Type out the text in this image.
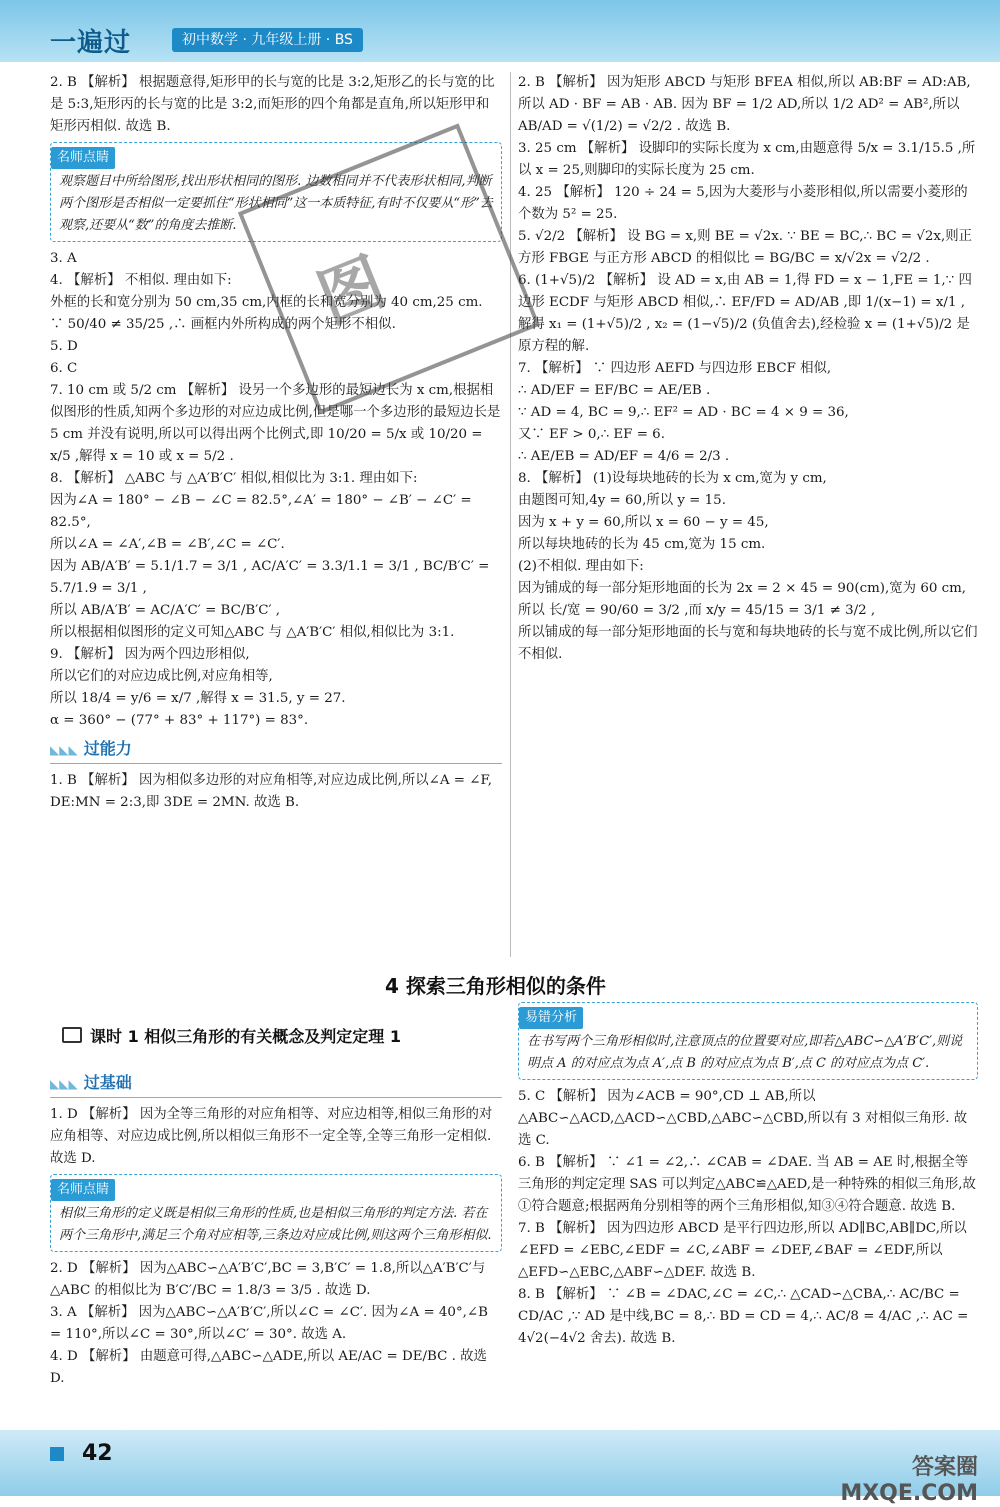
一遍过	初中数学 · 九年级上册 · BS

2. B 【解析】 根据题意得,矩形甲的长与宽的比是 3:2,矩形乙的长与宽的比是 5:3,矩形丙的长与宽的比是 3:2,而矩形的四个角都是直角,所以矩形甲和矩形丙相似. 故选 B.

名师点睛
观察题目中所给图形,找出形状相同的图形. 边数相同并不代表形状相同,判断两个图形是否相似一定要抓住“形状相同”这一本质特征,有时不仅要从“形”去观察,还要从“数”的角度去推断.

3. A

4. 【解析】 不相似. 理由如下:

外框的长和宽分别为 50 cm,35 cm,内框的长和宽分别为 40 cm,25 cm.

∵ 50/40 ≠ 35/25 ,∴ 画框内外所构成的两个矩形不相似.

5. D

6. C

7. 10 cm 或 5/2 cm 【解析】 设另一个多边形的最短边长为 x cm,根据相似图形的性质,知两个多边形的对应边成比例,但是哪一个多边形的最短边长是 5 cm 并没有说明,所以可以得出两个比例式,即 10/20 = 5/x 或 10/20 = x/5 ,解得 x = 10 或 x = 5/2 .

8. 【解析】 △ABC 与 △A′B′C′ 相似,相似比为 3:1. 理由如下:

因为∠A = 180° − ∠B − ∠C = 82.5°,∠A′ = 180° − ∠B′ − ∠C′ = 82.5°,

所以∠A = ∠A′,∠B = ∠B′,∠C = ∠C′.

因为 AB/A′B′ = 5.1/1.7 = 3/1 , AC/A′C′ = 3.3/1.1 = 3/1 , BC/B′C′ = 5.7/1.9 = 3/1 ,

所以 AB/A′B′ = AC/A′C′ = BC/B′C′ ,

所以根据相似图形的定义可知△ABC 与 △A′B′C′ 相似,相似比为 3:1.

9. 【解析】 因为两个四边形相似,

所以它们的对应边成比例,对应角相等,

所以 18/4 = y/6 = x/7 ,解得 x = 31.5, y = 27.

α = 360° − (77° + 83° + 117°) = 83°.

◣◣◣ 过能力

1. B 【解析】 因为相似多边形的对应角相等,对应边成比例,所以∠A = ∠F, DE:MN = 2:3,即 3DE = 2MN. 故选 B.

2. B 【解析】 因为矩形 ABCD 与矩形 BFEA 相似,所以 AB:BF = AD:AB,所以 AD · BF = AB · AB. 因为 BF = 1/2 AD,所以 1/2 AD² = AB²,所以 AB/AD = √(1/2) = √2/2 . 故选 B.

3. 25 cm 【解析】 设脚印的实际长度为 x cm,由题意得 5/x = 3.1/15.5 ,所以 x = 25,则脚印的实际长度为 25 cm.

4. 25 【解析】 120 ÷ 24 = 5,因为大菱形与小菱形相似,所以需要小菱形的个数为 5² = 25.

5. √2/2 【解析】 设 BG = x,则 BE = √2x. ∵ BE = BC,∴ BC = √2x,则正方形 FBGE 与正方形 ABCD 的相似比 = BG/BC = x/√2x = √2/2 .

6. (1+√5)/2 【解析】 设 AD = x,由 AB = 1,得 FD = x − 1,FE = 1,∵ 四边形 ECDF 与矩形 ABCD 相似,∴ EF/FD = AD/AB ,即 1/(x−1) = x/1 ,解得 x₁ = (1+√5)/2 , x₂ = (1−√5)/2 (负值舍去),经检验 x = (1+√5)/2 是原方程的解.

7. 【解析】 ∵ 四边形 AEFD 与四边形 EBCF 相似,

∴ AD/EF = EF/BC = AE/EB .

∵ AD = 4, BC = 9,∴ EF² = AD · BC = 4 × 9 = 36,

又∵ EF > 0,∴ EF = 6.

∴ AE/EB = AD/EF = 4/6 = 2/3 .

8. 【解析】 (1)设每块地砖的长为 x cm,宽为 y cm,

由题图可知,4y = 60,所以 y = 15.

因为 x + y = 60,所以 x = 60 − y = 45,

所以每块地砖的长为 45 cm,宽为 15 cm.

(2)不相似. 理由如下:

因为铺成的每一部分矩形地面的长为 2x = 2 × 45 = 90(cm),宽为 60 cm,

所以 长/宽 = 90/60 = 3/2 ,而 x/y = 45/15 = 3/1 ≠ 3/2 ,

所以铺成的每一部分矩形地面的长与宽和每块地砖的长与宽不成比例,所以它们不相似.

4 探索三角形相似的条件
课时 1 相似三角形的有关概念及判定定理 1
◣◣◣ 过基础

1. D 【解析】 因为全等三角形的对应角相等、对应边相等,相似三角形的对应角相等、对应边成比例,所以相似三角形不一定全等,全等三角形一定相似. 故选 D.

名师点睛
相似三角形的定义既是相似三角形的性质,也是相似三角形的判定方法. 若在两个三角形中,满足三个角对应相等,三条边对应成比例,则这两个三角形相似.

2. D 【解析】 因为△ABC∽△A′B′C′,BC = 3,B′C′ = 1.8,所以△A′B′C′与△ABC 的相似比为 B′C′/BC = 1.8/3 = 3/5 . 故选 D.

3. A 【解析】 因为△ABC∽△A′B′C′,所以∠C = ∠C′. 因为∠A = 40°,∠B = 110°,所以∠C = 30°,所以∠C′ = 30°. 故选 A.

4. D 【解析】 由题意可得,△ABC∽△ADE,所以 AE/AC = DE/BC . 故选 D.

易错分析
在书写两个三角形相似时,注意顶点的位置要对应,即若△ABC∽△A′B′C′,则说明点 A 的对应点为点 A′,点 B 的对应点为点 B′,点 C 的对应点为点 C′.

5. C 【解析】 因为∠ACB = 90°,CD ⊥ AB,所以△ABC∽△ACD,△ACD∽△CBD,△ABC∽△CBD,所以有 3 对相似三角形. 故选 C.

6. B 【解析】 ∵ ∠1 = ∠2,∴ ∠CAB = ∠DAE. 当 AB = AE 时,根据全等三角形的判定定理 SAS 可以判定△ABC≌△AED,是一种特殊的相似三角形,故①符合题意;根据两角分别相等的两个三角形相似,知③④符合题意. 故选 B.

7. B 【解析】 因为四边形 ABCD 是平行四边形,所以 AD∥BC,AB∥DC,所以∠EFD = ∠EBC,∠EDF = ∠C,∠ABF = ∠DEF,∠BAF = ∠EDF,所以△EFD∽△EBC,△ABF∽△DEF. 故选 B.

8. B 【解析】 ∵ ∠B = ∠DAC,∠C = ∠C,∴ △CAD∽△CBA,∴ AC/BC = CD/AC ,∵ AD 是中线,BC = 8,∴ BD = CD = 4,∴ AC/8 = 4/AC ,∴ AC = 4√2(−4√2 舍去). 故选 B.

图
42
答案圈
MXQE.COM
